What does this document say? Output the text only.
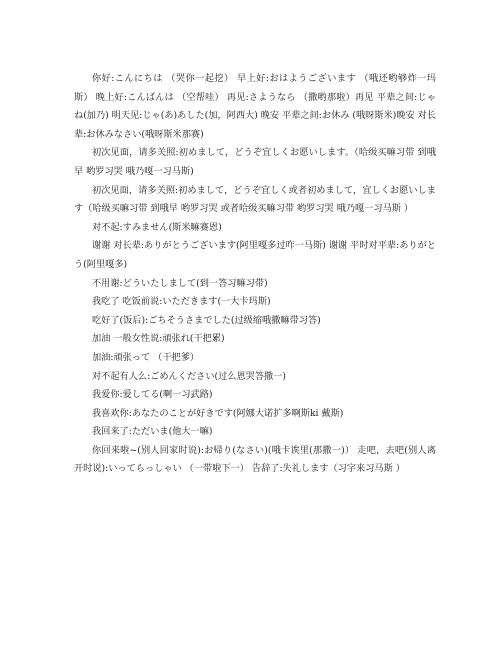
你好:こんにちは （哭你一起挖） 早上好:おはようございます （哦还哟够炸一玛斯） 晚上好:こんばんは （空帮哇） 再见:さようなら （撒哟那啦）再见 平辈之间:じゃね(加乃) 明天见:じゃ(あ)あした(加，阿西大) 晚安 平辈之间:お休み (哦呀斯米)晚安 对长辈:お休みなさい(哦呀斯米那赛)

初次见面，请多关照:初めまして，どうぞ宜しくお愿いします。（哈级买嘛习带 到哦早 哟罗习哭 哦乃嘎一习马斯)

初次见面，请多关照:初めまして，どうぞ宜しく或者初めまして，宜しくお愿いします（哈级买嘛习带 到哦早 哟罗习哭 或者哈级买嘛习带 哟罗习哭 哦乃嘎一习马斯 ）

对不起:すみません(斯米嘛赛恩)

谢谢 对长辈:ありがとうございます(阿里嘎多过咋一马斯) 谢谢 平时对平辈:ありがとう(阿里嘎多)

不用谢:どういたしまして(到一答习嘛习带)

我吃了 吃饭前说:いただきます(一大卡玛斯)

吃好了(饭后):ごちそうさまでした(过级缩哦撒嘛带习答)

加油 一般女性说:頑张れ(干把累)

加油:頑张って （干把爹）

对不起有人么:ごめんください(过么恩哭答撒一)

我爱你:爱してる(啊一习武路)

我喜欢你:あなたのことが好きです(阿娜大诺扩多啊斯ki 戴斯)

我回来了:ただいま(他大一嘛)

你回来啦~(别人回家时说):お帰り(なさい)(哦卡诶里(那撒一)） 走吧，去吧(别人离开时说):いってらっしゃい （一带啦下一） 告辞了:失礼します（习字来习马斯 ）
